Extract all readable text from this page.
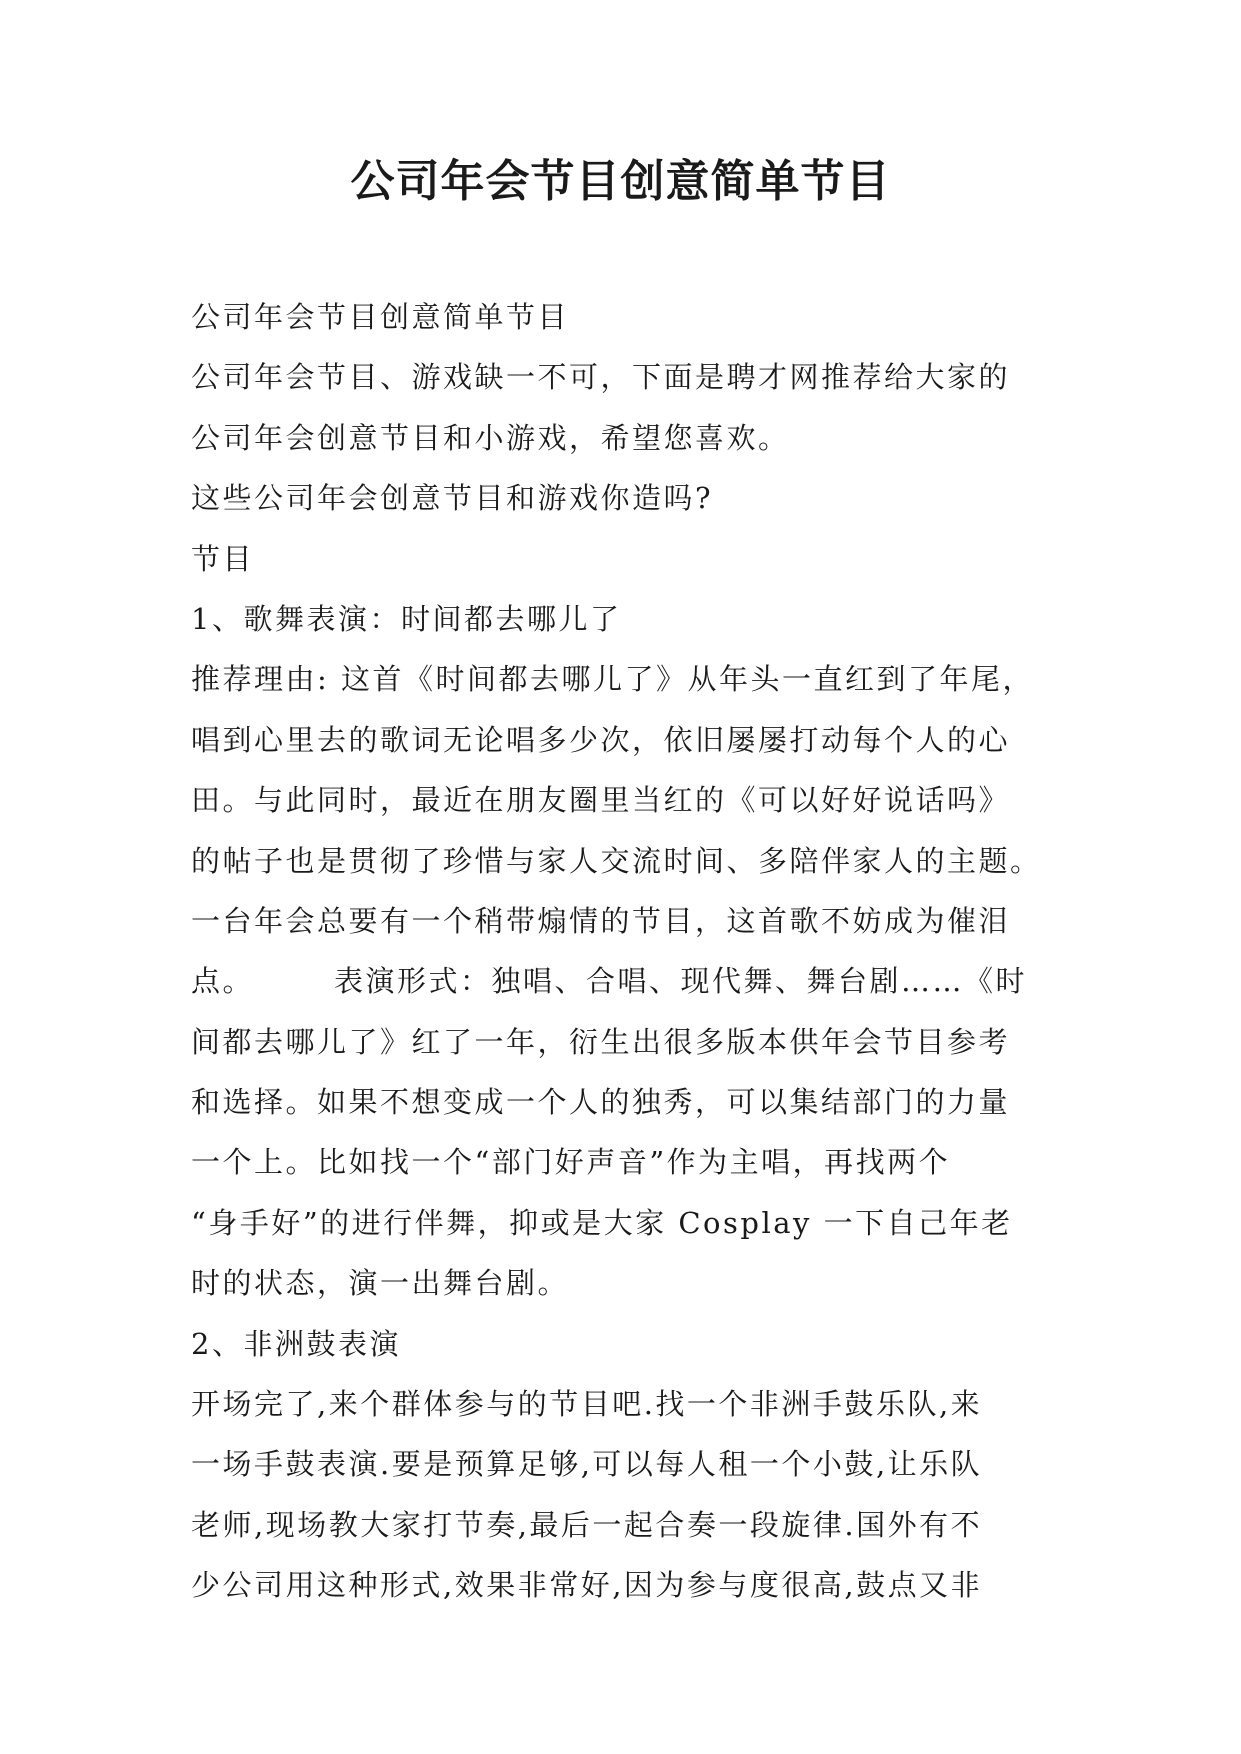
公司年会节目创意简单节目
公司年会节目创意简单节目
公司年会节目、游戏缺一不可，下面是聘才网推荐给大家的
公司年会创意节目和小游戏，希望您喜欢。
这些公司年会创意节目和游戏你造吗?
节目
1、歌舞表演：时间都去哪儿了
推荐理由: 这首《时间都去哪儿了》从年头一直红到了年尾，
唱到心里去的歌词无论唱多少次，依旧屡屡打动每个人的心
田。与此同时，最近在朋友圈里当红的《可以好好说话吗》
的帖子也是贯彻了珍惜与家人交流时间、多陪伴家人的主题。
一台年会总要有一个稍带煽情的节目，这首歌不妨成为催泪
点。	表演形式：独唱、合唱、现代舞、舞台剧……《时
间都去哪儿了》红了一年，衍生出很多版本供年会节目参考
和选择。如果不想变成一个人的独秀，可以集结部门的力量
一个上。比如找一个“部门好声音”作为主唱，再找两个
“身手好”的进行伴舞，抑或是大家 Cosplay 一下自己年老
时的状态，演一出舞台剧。
2、非洲鼓表演
开场完了,来个群体参与的节目吧.找一个非洲手鼓乐队,来
一场手鼓表演.要是预算足够,可以每人租一个小鼓,让乐队
老师,现场教大家打节奏,最后一起合奏一段旋律.国外有不
少公司用这种形式,效果非常好,因为参与度很高,鼓点又非
